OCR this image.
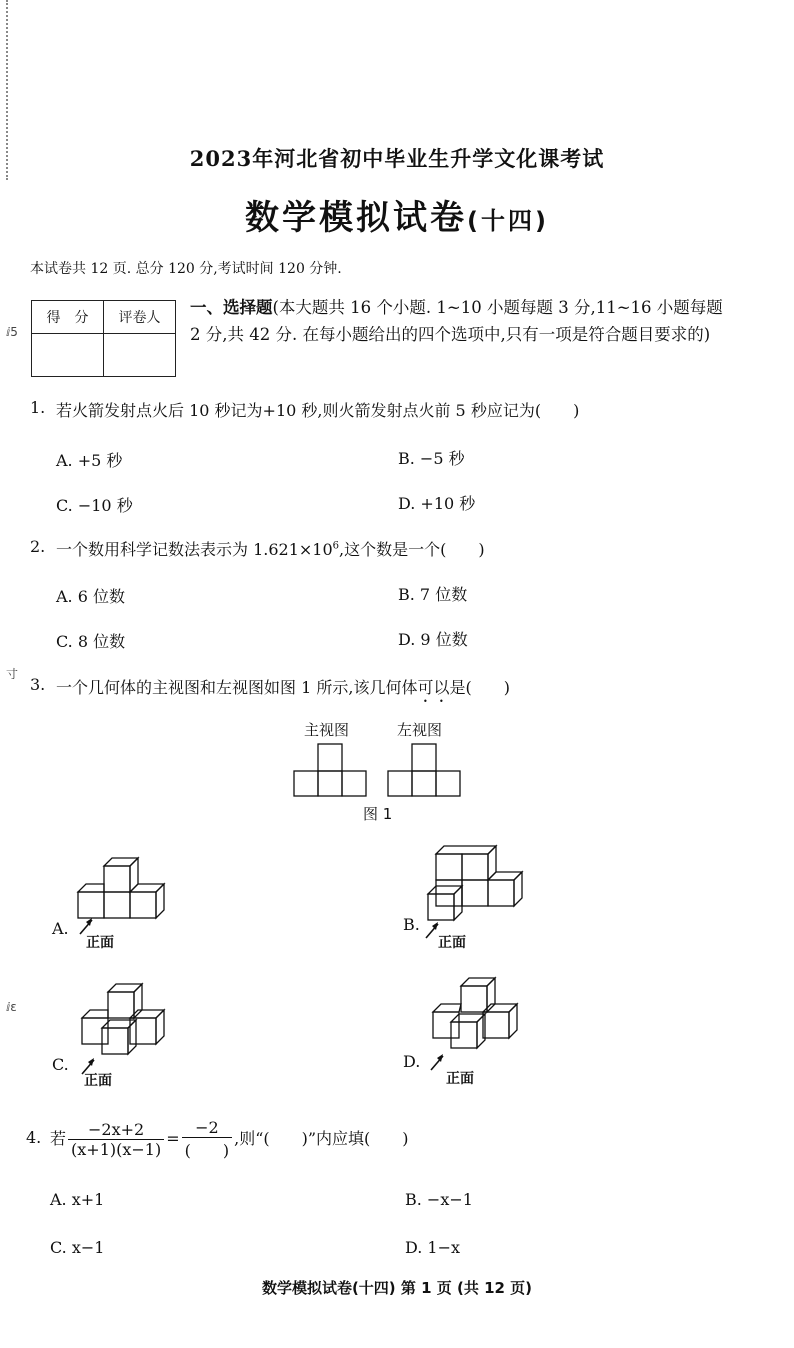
ⅈ5
寸
ⅈε
2023年河北省初中毕业生升学文化课考试
数学模拟试卷(十四)
本试卷共 12 页. 总分 120 分,考试时间 120 分钟.
得　分	评卷人

一、选择题(本大题共 16 个小题. 1~10 小题每题 3 分,11~16 小题每题 2 分,共 42 分. 在每小题给出的四个选项中,只有一项是符合题目要求的)
1. 若火箭发射点火后 10 秒记为+10 秒,则火箭发射点火前 5 秒应记为(　　)
A. +5 秒	B. −5 秒
C. −10 秒	D. +10 秒
2. 一个数用科学记数法表示为 $1.621\times 10^6$,这个数是一个(　　)
A. 6 位数	B. 7 位数
C. 8 位数	D. 9 位数
3. 一个几何体的主视图和左视图如图 1 所示,该几何体可以是(　　)
主视图	左视图
图 1
A.
正面
B.
正面
C.
正面
D.
正面
4. 若 $\frac{-2x+2}{(x+1)(x-1)} = \frac{-2}{( )}$ ,则“(　　)”内应填(　　)
A. x+1	B. −x−1
C. x−1	D. 1−x
数学模拟试卷(十四) 第 1 页 (共 12 页)
